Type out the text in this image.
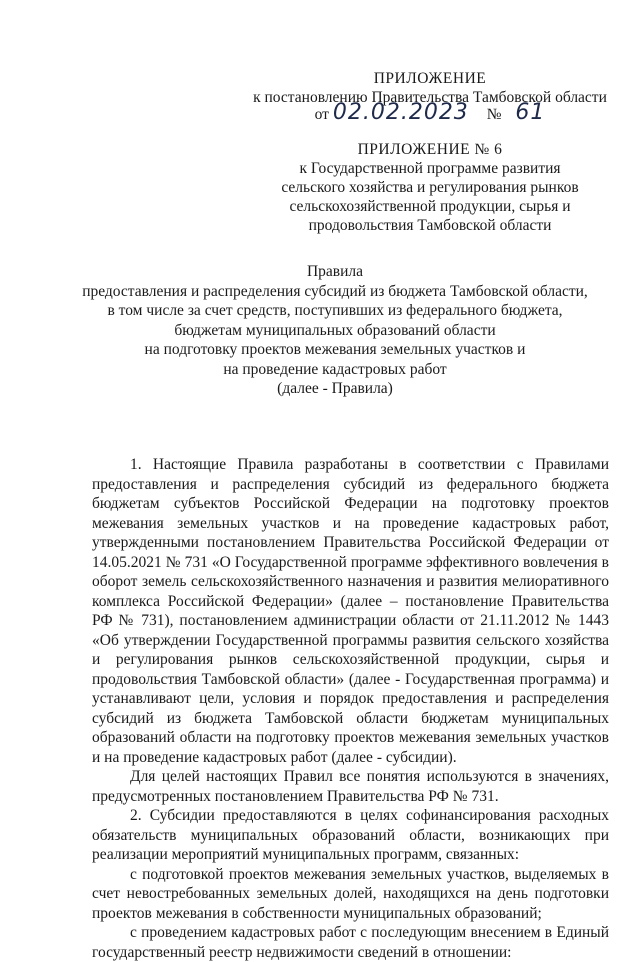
ПРИЛОЖЕНИЕ
к постановлению Правительства Тамбовской области
от 02.02.2023 № 61
ПРИЛОЖЕНИЕ № 6
к Государственной программе развития
сельского хозяйства и регулирования рынков
сельскохозяйственной продукции, сырья и
продовольствия Тамбовской области
Правила
предоставления и распределения субсидий из бюджета Тамбовской области,
в том числе за счет средств, поступивших из федерального бюджета,
бюджетам муниципальных образований области
на подготовку проектов межевания земельных участков и
на проведение кадастровых работ
(далее - Правила)

1. Настоящие Правила разработаны в соответствии с Правилами предоставления и распределения субсидий из федерального бюджета бюджетам субъектов Российской Федерации на подготовку проектов межевания земельных участков и на проведение кадастровых работ, утвержденными постановлением Правительства Российской Федерации от 14.05.2021 № 731 «О Государственной программе эффективного вовлечения в оборот земель сельскохозяйственного назначения и развития мелиоративного комплекса Российской Федерации» (далее – постановление Правительства РФ № 731), постановлением администрации области от 21.11.2012 № 1443 «Об утверждении Государственной программы развития сельского хозяйства и регулирования рынков сельскохозяйственной продукции, сырья и продовольствия Тамбовской области» (далее - Государственная программа) и устанавливают цели, условия и порядок предоставления и распределения субсидий из бюджета Тамбовской области бюджетам муниципальных образований области на подготовку проектов межевания земельных участков и на проведение кадастровых работ (далее - субсидии).

Для целей настоящих Правил все понятия используются в значениях, предусмотренных постановлением Правительства РФ № 731.

2. Субсидии предоставляются в целях софинансирования расходных обязательств муниципальных образований области, возникающих при реализации мероприятий муниципальных программ, связанных:

с подготовкой проектов межевания земельных участков, выделяемых в счет невостребованных земельных долей, находящихся на день подготовки проектов межевания в собственности муниципальных образований;

с проведением кадастровых работ с последующим внесением в Единый государственный реестр недвижимости сведений в отношении:
